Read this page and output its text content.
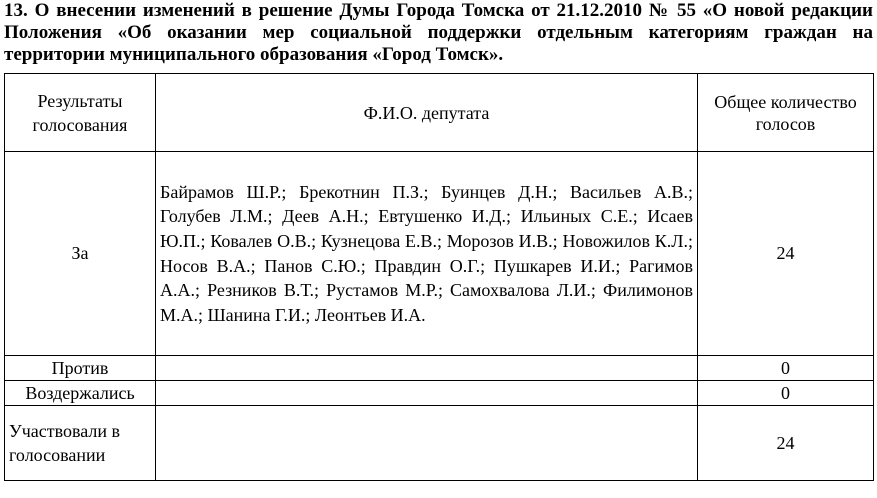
13. О внесении изменений в решение Думы Города Томска от 21.12.2010 № 55 «О новой редакции Положения «Об оказании мер социальной поддержки отдельным категориям граждан на территории муниципального образования «Город Томск».
Результаты голосования	Ф.И.О. депутата	Общее количество голосов
За	Байрамов Ш.Р.; Брекотнин П.З.; Буинцев Д.Н.; Васильев А.В.; Голубев Л.М.; Деев А.Н.; Евтушенко И.Д.; Ильиных С.Е.; Исаев Ю.П.; Ковалев О.В.; Кузнецова Е.В.; Морозов И.В.; Новожилов К.Л.; Носов В.А.; Панов С.Ю.; Правдин О.Г.; Пушкарев И.И.; Рагимов А.А.; Резников В.Т.; Рустамов М.Р.; Самохвалова Л.И.; Филимонов М.А.; Шанина Г.И.; Леонтьев И.А.	24
Против		0
Воздержались		0
Участвовали в голосовании		24
